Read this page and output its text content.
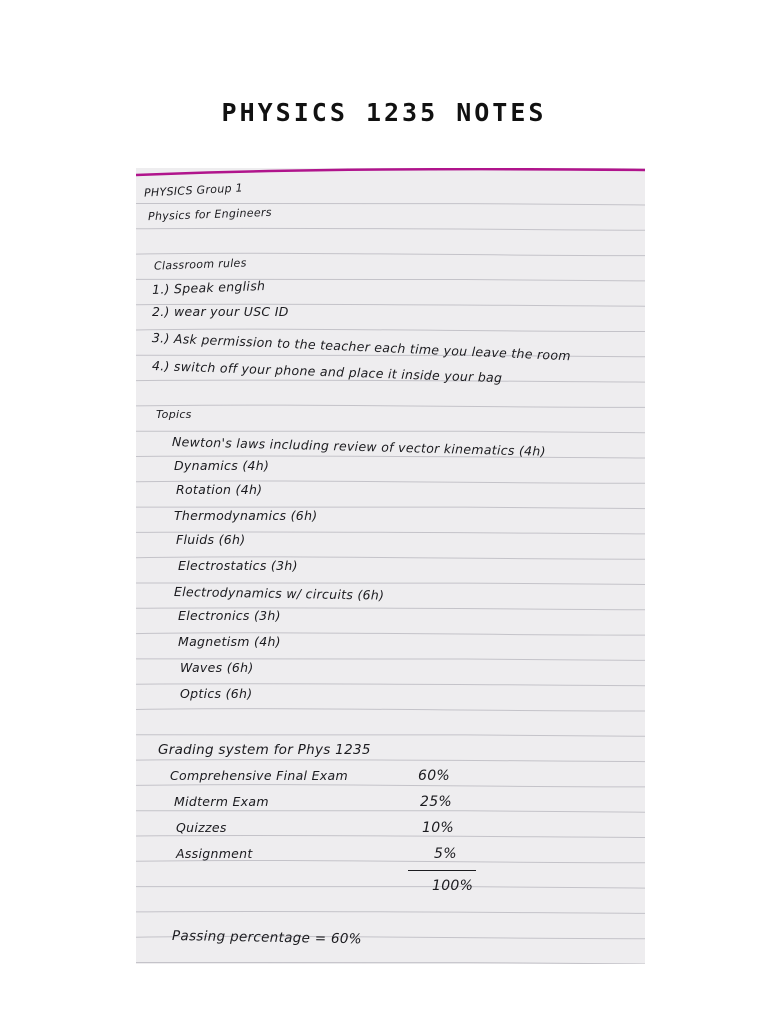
PHYSICS 1235 NOTES
PHYSICS Group 1
Physics for Engineers
Classroom rules
1.) Speak english
2.) wear your USC ID
3.) Ask permission to the teacher each time you leave the room
4.) switch off your phone and place it inside your bag
Topics
Newton's laws including review of vector kinematics (4h)
Dynamics (4h)
Rotation (4h)
Thermodynamics (6h)
Fluids (6h)
Electrostatics (3h)
Electrodynamics w/ circuits (6h)
Electronics (3h)
Magnetism (4h)
Waves (6h)
Optics (6h)
Grading system for Phys 1235
Comprehensive Final Exam	60%
Midterm Exam	25%
Quizzes	10%
Assignment	5%
100%
Passing percentage = 60%
